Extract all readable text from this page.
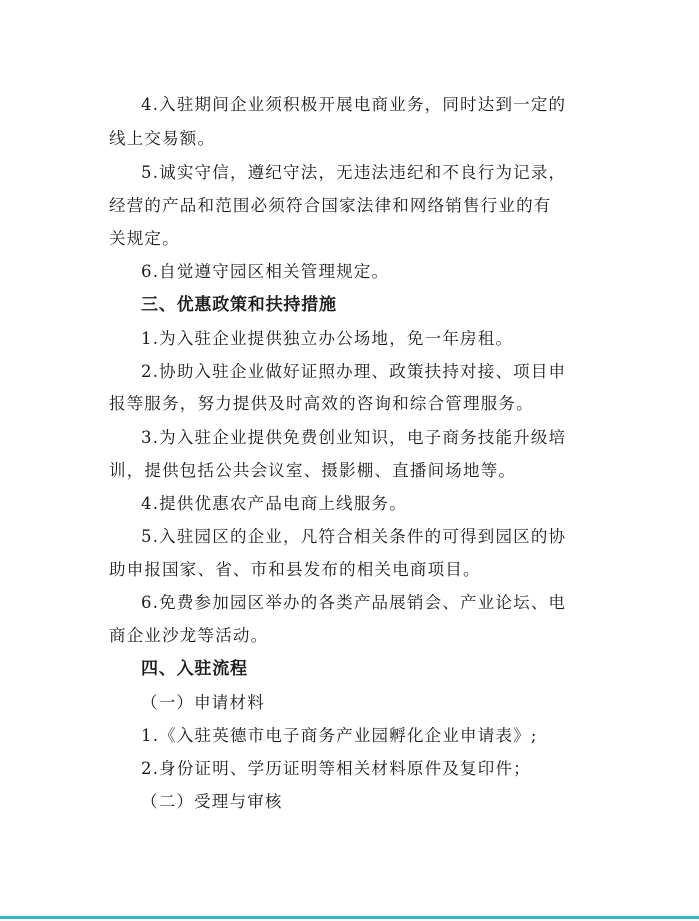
4.入驻期间企业须积极开展电商业务，同时达到一定的
线上交易额。
5.诚实守信，遵纪守法，无违法违纪和不良行为记录，
经营的产品和范围必须符合国家法律和网络销售行业的有
关规定。
6.自觉遵守园区相关管理规定。
三、优惠政策和扶持措施
1.为入驻企业提供独立办公场地，免一年房租。
2.协助入驻企业做好证照办理、政策扶持对接、项目申
报等服务，努力提供及时高效的咨询和综合管理服务。
3.为入驻企业提供免费创业知识，电子商务技能升级培
训，提供包括公共会议室、摄影棚、直播间场地等。
4.提供优惠农产品电商上线服务。
5.入驻园区的企业，凡符合相关条件的可得到园区的协
助申报国家、省、市和县发布的相关电商项目。
6.免费参加园区举办的各类产品展销会、产业论坛、电
商企业沙龙等活动。
四、入驻流程
（一）申请材料
1.《入驻英德市电子商务产业园孵化企业申请表》;
2.身份证明、学历证明等相关材料原件及复印件；
（二）受理与审核
